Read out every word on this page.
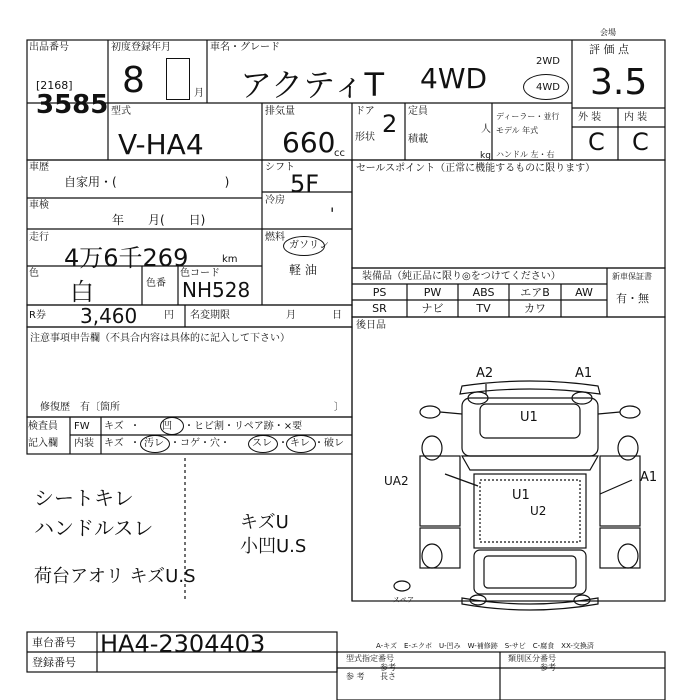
会場
出品番号
[2168]
3585
初度登録年月
8	月
車名・グレード
アクティT 4WD
2WD
4WD
評 価 点
3.5
型式
V-HA4
排気量
660
cc
ドア 2
形状
定員
人
積載
kg
ディーラー・並行
モデル 年式
ハンドル 左・右
外 装 内 装
C C
車歴
自家用・(　　　　　　　　　)
車検
年　　月(　　日)
走行
4万6千269	km
色
白	色番
色コード
NH528
シフト
5F
冷房
'
燃料
ガソリン
軽 油
セールスポイント（正常に機能するものに限ります）
装備品（純正品に限り◎をつけてください）	新車保証書
有・無
PS	PW	ABS	エアB	AW
SR	ナビ	TV	カワ
R券 3,460	円 名変期限	月	日
後日品
注意事項申告欄（不具合内容は具体的に記入して下さい）
修復歴　有〔箇所	〕
検査員
記入欄
FW
内装
キズ ・ 凹 ・ヒビ割・リペア跡・×要
キズ ・ 汚レ ・コゲ・穴・ スレ ・ キレ ・破レ
シートキレ
ハンドルスレ
荷台アオリ キズU.S
キズU
小凹U.S
A2	A1
U1
UA2	A1
U1
U2
スペア
車台番号 HA4-2304403
登録番号
A-キズ　E-エクボ　U-凹み　W-補修跡　S-サビ　C-腐食　XX-交換済
型式指定番号
参考
類別区分番号
参考
参 考 長さ
